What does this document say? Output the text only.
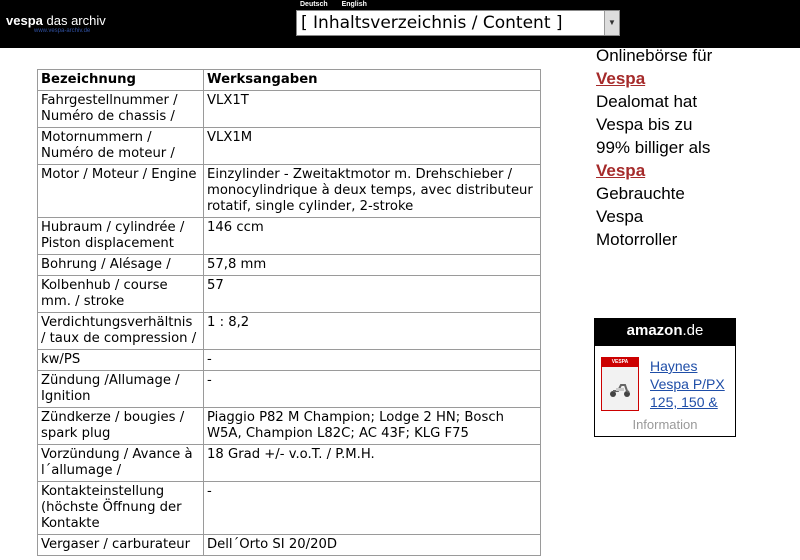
vespa das archiv
www.vespa-archiv.de
Deutsch English
[ Inhaltsverzeichnis / Content ]	▼
Bezeichnung	Werksangaben
Fahrgestellnummer / Numéro de chassis /	VLX1T
Motornummern / Numéro de moteur /	VLX1M
Motor / Moteur / Engine	Einzylinder - Zweitaktmotor m. Drehschieber / monocylindrique à deux temps, avec distributeur rotatif, single cylinder, 2-stroke
Hubraum / cylindrée / Piston displacement	146 ccm
Bohrung / Alésage /	57,8 mm
Kolbenhub / course mm. / stroke	57
Verdichtungsverhältnis / taux de compression /	1 : 8,2
kw/PS	-
Zündung /Allumage / Ignition	-
Zündkerze / bougies / spark plug	Piaggio P82 M Champion; Lodge 2 HN; Bosch W5A, Champion L82C; AC 43F; KLG F75
Vorzündung / Avance à l´allumage /	18 Grad +/- v.o.T. / P.M.H.
Kontakteinstellung (höchste Öffnung der Kontakte	-
Vergaser / carburateur	Dell´Orto SI 20/20D
Onlinebörse für
Vespa
Dealomat hat
Vespa bis zu
99% billiger als
Vespa
Gebrauchte
Vespa
Motorroller
amazon.de
VESPA	Haynes Vespa P/PX 125, 150 &
Information
